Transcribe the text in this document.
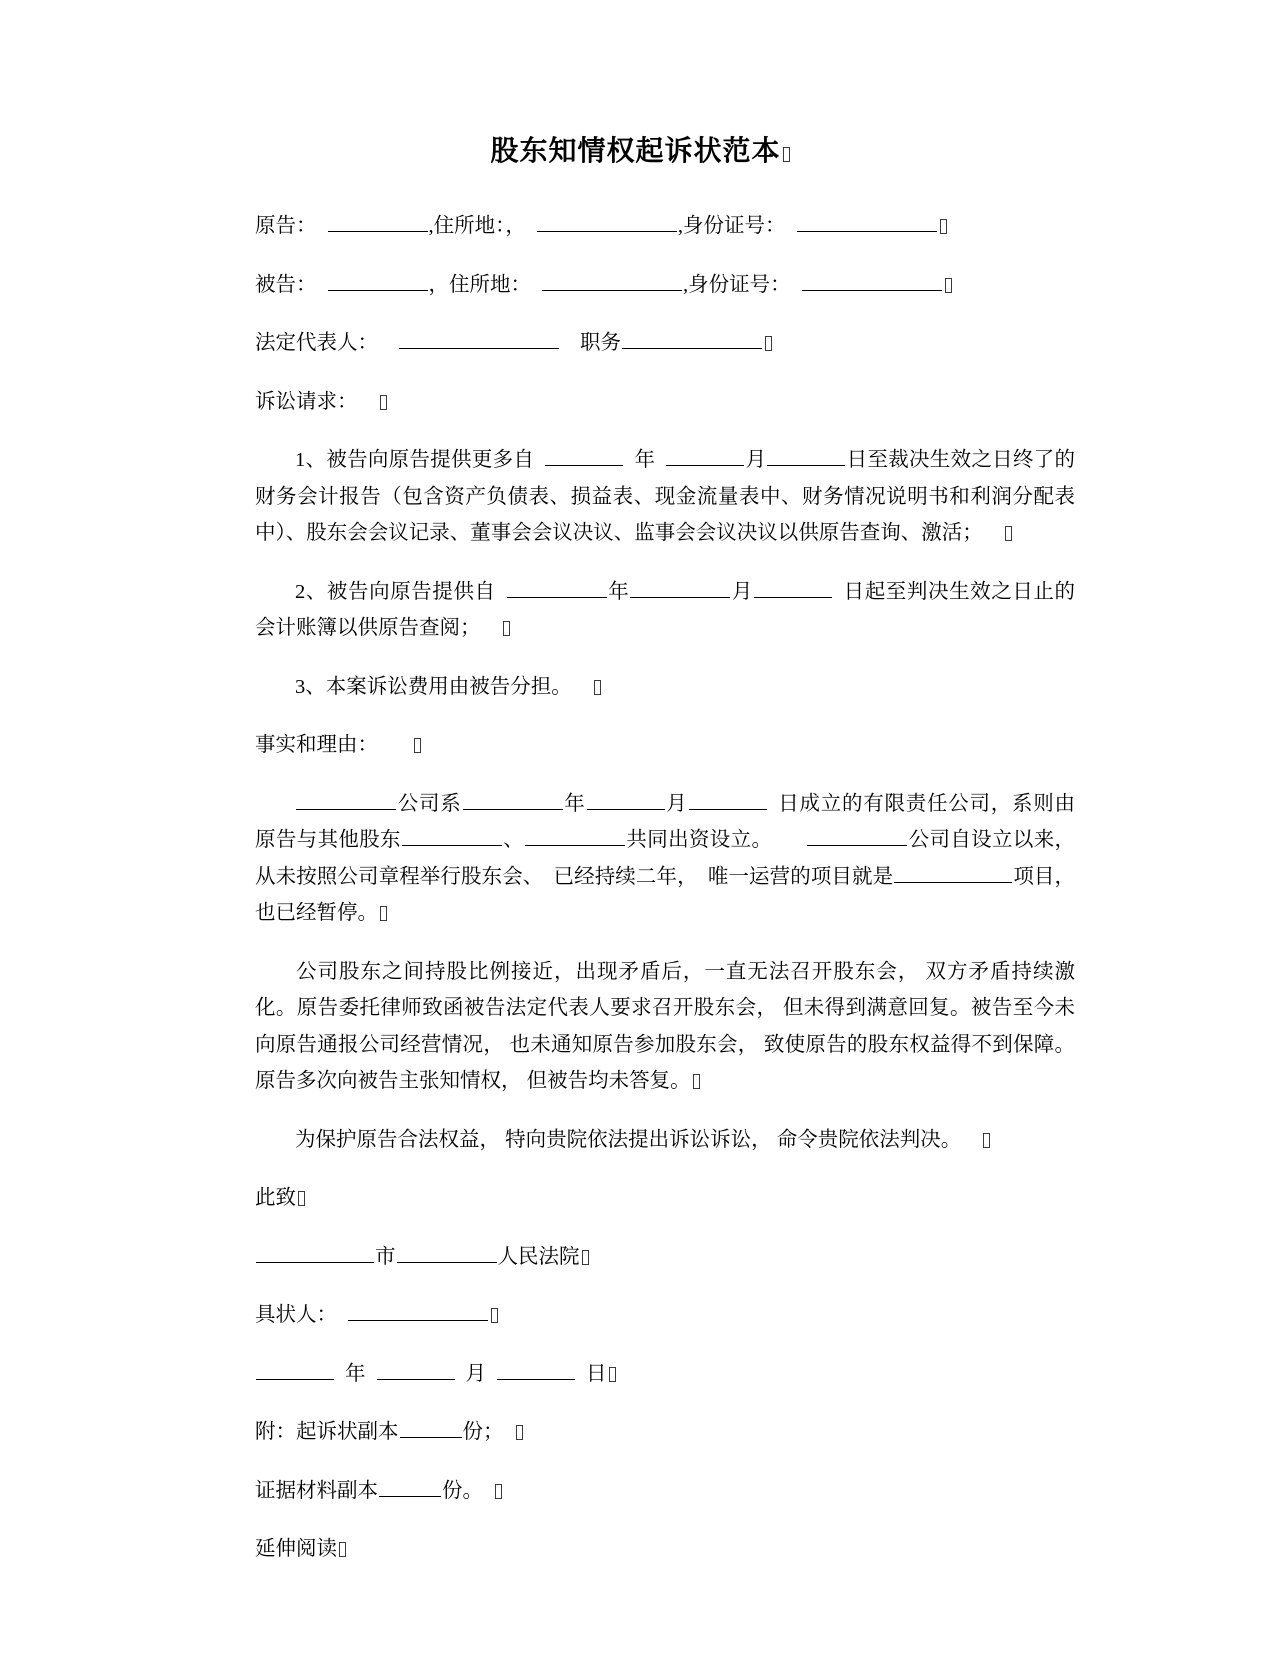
股东知情权起诉状范本

原告：	,住所地：，	,身份证号：

被告：	，住所地：	,身份证号：

法定代表人：	职务

诉讼请求：

1、被告向原告提供更多自	年	月	日至裁决生效之日终了的财务会计报告（包含资产负债表、损益表、现金流量表中、财务情况说明书和利润分配表中）、股东会会议记录、董事会会议决议、监事会会议决议以供原告查询、激活；

2、被告向原告提供自	年	月	日起至判决生效之日止的会计账簿以供原告查阅；

3、本案诉讼费用由被告分担。

事实和理由：

公司系	年	月	日成立的有限责任公司，系则由原告与其他股东	、	共同出资设立。	公司自设立以来，从未按照公司章程举行股东会、 已经持续二年， 唯一运营的项目就是	项目，也已经暂停。

公司股东之间持股比例接近，出现矛盾后，一直无法召开股东会， 双方矛盾持续激化。原告委托律师致函被告法定代表人要求召开股东会， 但未得到满意回复。被告至今未向原告通报公司经营情况， 也未通知原告参加股东会， 致使原告的股东权益得不到保障。原告多次向被告主张知情权， 但被告均未答复。

为保护原告合法权益， 特向贵院依法提出诉讼诉讼， 命令贵院依法判决。

此致

市	人民法院

具状人：

年	月	日

附：起诉状副本	份；

证据材料副本	份。

延伸阅读
